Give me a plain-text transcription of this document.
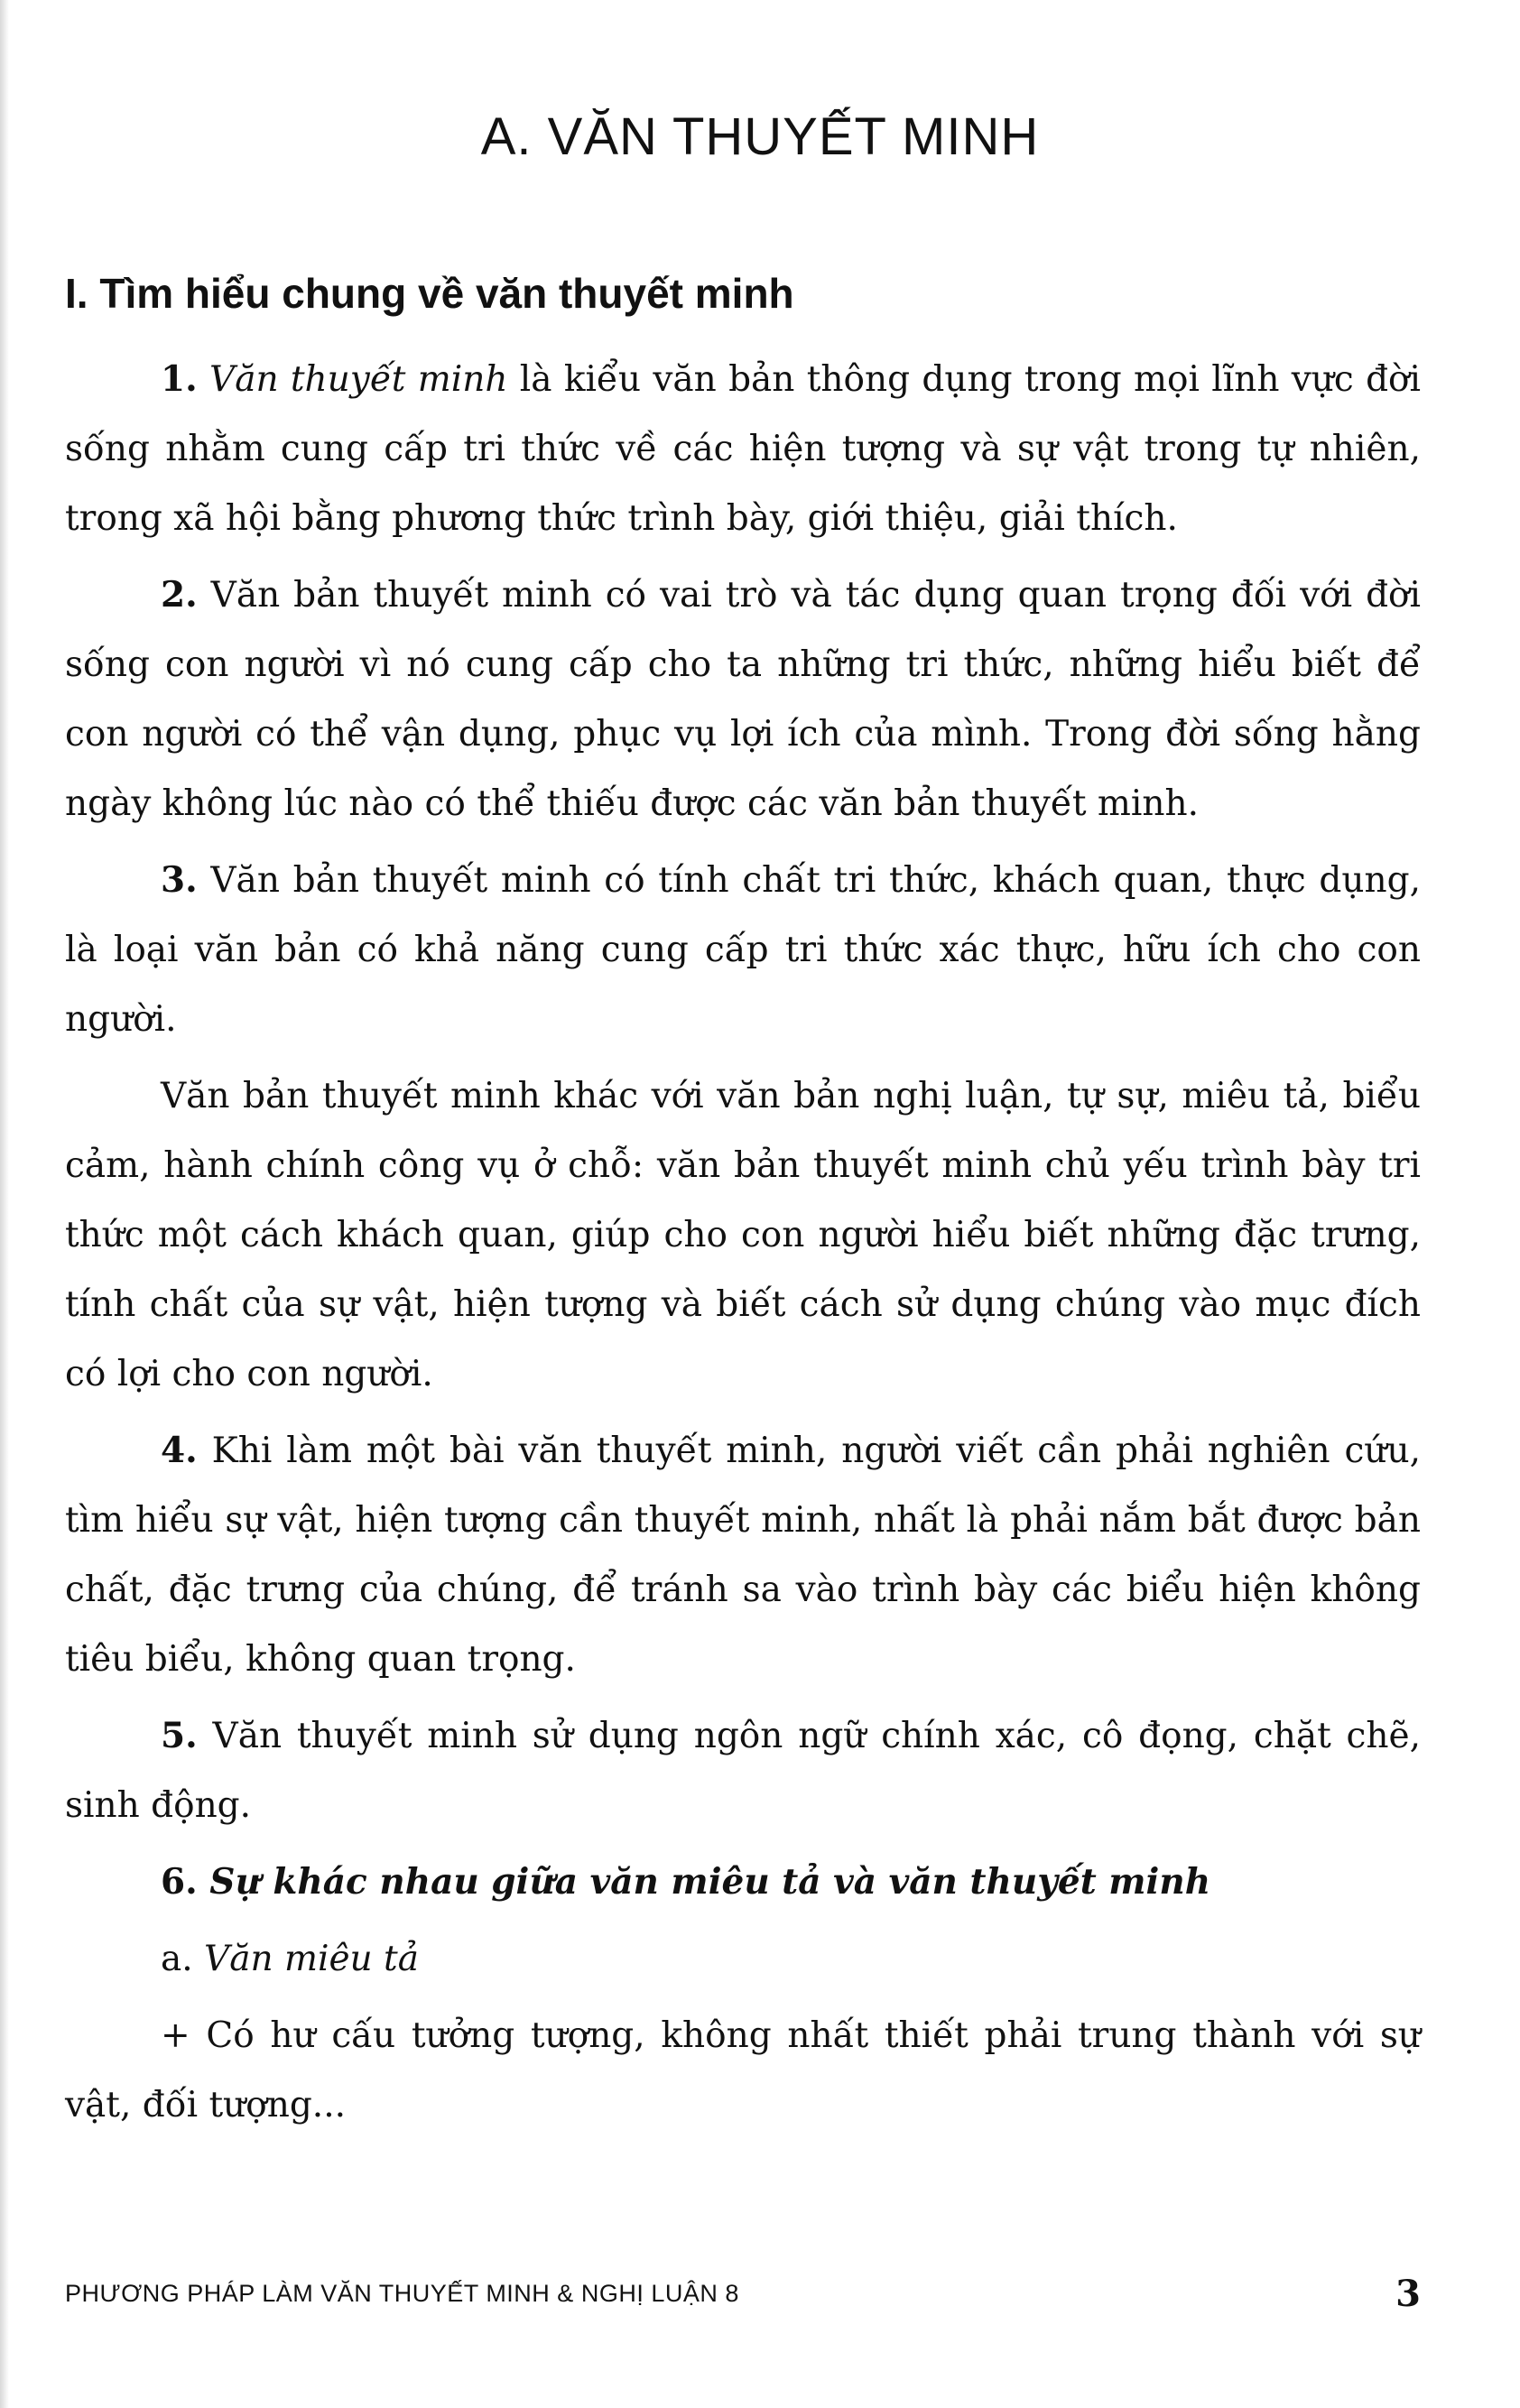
A. VĂN THUYẾT MINH
I. Tìm hiểu chung về văn thuyết minh

1. Văn thuyết minh là kiểu văn bản thông dụng trong mọi lĩnh vực đời sống nhằm cung cấp tri thức về các hiện tượng và sự vật trong tự nhiên, trong xã hội bằng phương thức trình bày, giới thiệu, giải thích.

2. Văn bản thuyết minh có vai trò và tác dụng quan trọng đối với đời sống con người vì nó cung cấp cho ta những tri thức, những hiểu biết để con người có thể vận dụng, phục vụ lợi ích của mình. Trong đời sống hằng ngày không lúc nào có thể thiếu được các văn bản thuyết minh.

3. Văn bản thuyết minh có tính chất tri thức, khách quan, thực dụng, là loại văn bản có khả năng cung cấp tri thức xác thực, hữu ích cho con người.

Văn bản thuyết minh khác với văn bản nghị luận, tự sự, miêu tả, biểu cảm, hành chính công vụ ở chỗ: văn bản thuyết minh chủ yếu trình bày tri thức một cách khách quan, giúp cho con người hiểu biết những đặc trưng, tính chất của sự vật, hiện tượng và biết cách sử dụng chúng vào mục đích có lợi cho con người.

4. Khi làm một bài văn thuyết minh, người viết cần phải nghiên cứu, tìm hiểu sự vật, hiện tượng cần thuyết minh, nhất là phải nắm bắt được bản chất, đặc trưng của chúng, để tránh sa vào trình bày các biểu hiện không tiêu biểu, không quan trọng.

5. Văn thuyết minh sử dụng ngôn ngữ chính xác, cô đọng, chặt chẽ, sinh động.

6. Sự khác nhau giữa văn miêu tả và văn thuyết minh

a. Văn miêu tả

+ Có hư cấu tưởng tượng, không nhất thiết phải trung thành với sự vật, đối tượng...

PHƯƠNG PHÁP LÀM VĂN THUYẾT MINH & NGHỊ LUẬN 8	3
